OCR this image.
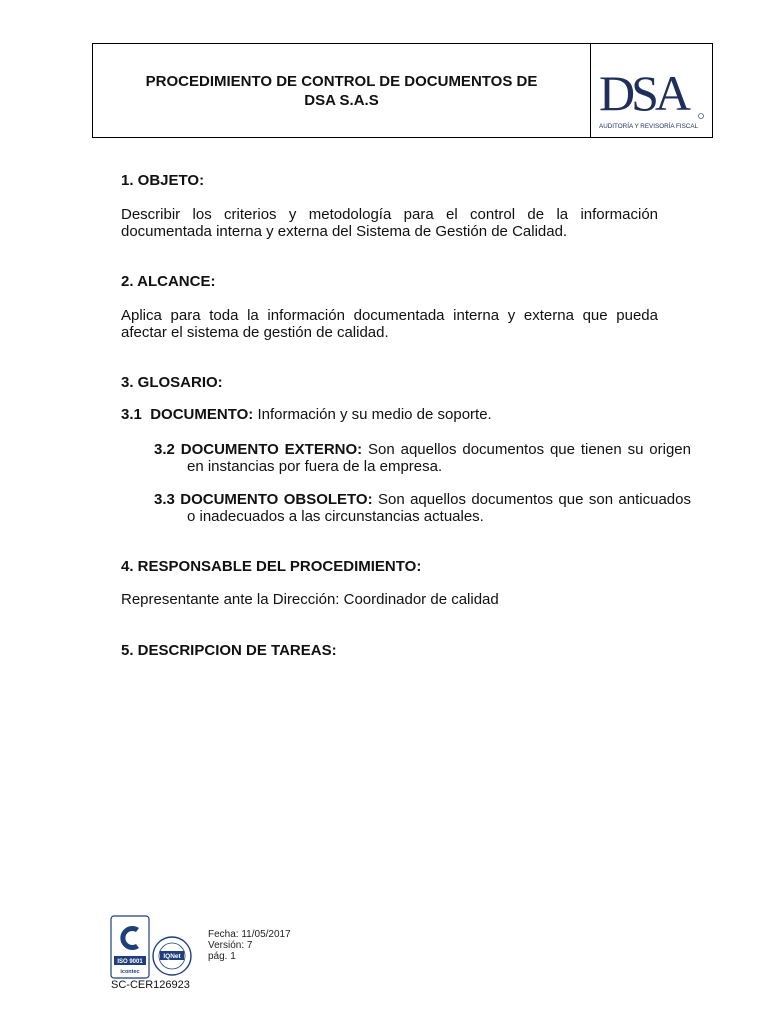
PROCEDIMIENTO DE CONTROL DE DOCUMENTOS DE
DSA S.A.S	DSA
AUDITORÍA Y REVISORÍA FISCAL
1. OBJETO:
Describir los criterios y metodología para el control de la información documentada interna y externa del Sistema de Gestión de Calidad.
2. ALCANCE:
Aplica para toda la información documentada interna y externa que pueda afectar el sistema de gestión de calidad.
3. GLOSARIO:
3.1 DOCUMENTO: Información y su medio de soporte.
3.2 DOCUMENTO EXTERNO: Son aquellos documentos que tienen su origen en instancias por fuera de la empresa.
3.3 DOCUMENTO OBSOLETO: Son aquellos documentos que son anticuados o inadecuados a las circunstancias actuales.
4. RESPONSABLE DEL PROCEDIMIENTO:
Representante ante la Dirección: Coordinador de calidad
5. DESCRIPCION DE TAREAS:
ISO 9001
icontec
IQNet
Fecha: 11/05/2017
Versión: 7
pág. 1
SC-CER126923
